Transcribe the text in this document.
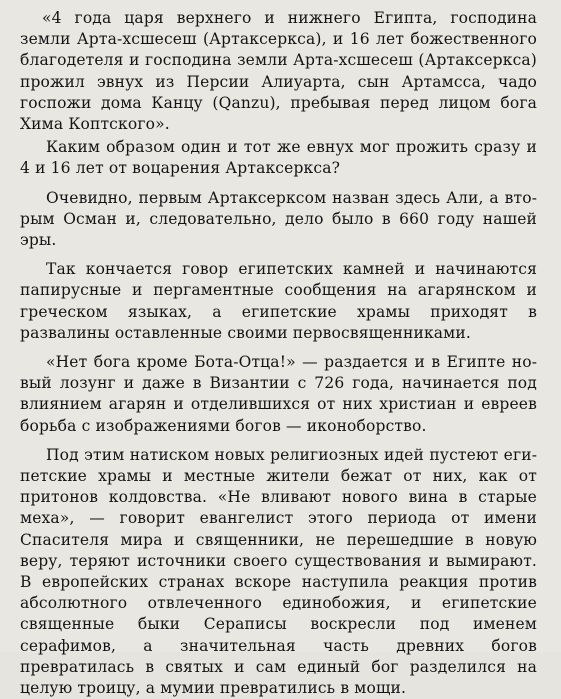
«4 года царя верхнего и нижнего Египта, господина земли Арта-хсшесеш (Артаксеркса), и 16 лет божественного благодетеля и господина земли Арта-хсшесеш (Артаксеркса) прожил эвнух из Персии Алиуарта, сын Артамсса, чадо госпожи дома Канцу (Qanzu), пребывая перед лицом бога Хима Коптского».

Каким образом один и тот же евнух мог прожить сразу и 4 и 16 лет от воцарения Артаксеркса?

Очевидно, первым Артаксерксом назван здесь Али, а вторым Осман и, следовательно, дело было в 660 году нашей эры.

Так кончается говор египетских камней и начинаются папирусные и пергаментные сообщения на агарянском и греческом языках, а египетские храмы приходят в развалины оставленные своими первосвященниками.

«Нет бога кроме Бота-Отца!» — раздается и в Египте новый лозунг и даже в Византии с 726 года, начинается под влиянием агарян и отделившихся от них христиан и евреев борьба с изображениями богов — иконоборство.

Под этим натиском новых религиозных идей пустеют египетские храмы и местные жители бежат от них, как от притонов колдовства. «Не вливают нового вина в старые меха», — говорит евангелист этого периода от имени Спасителя мира и священники, не перешедшие в новую веру, теряют источники своего существования и вымирают. В европейских странах вскоре наступила реакция против абсолютного отвлеченного единобожия, и египетские священные быки Сераписы воскресли под именем серафимов, а значительная часть древних богов превратилась в святых и сам единый бог разделился на целую троицу, а мумии превратились в мощи.
